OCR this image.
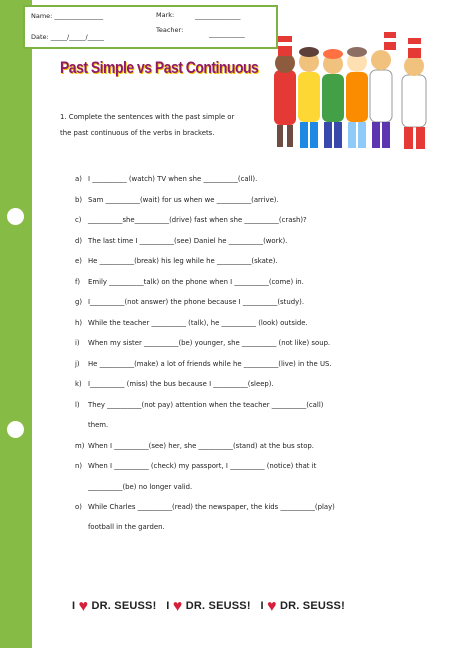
Name: _______________	Mark:	______________
Teacher:	___________
Date: _____/_____/_____
Past Simple vs Past Continuous
1. Complete the sentences with the past simple or
the past continuous of the verbs in brackets.
a) I __________ (watch) TV when she __________(call).
b) Sam __________(wait) for us when we __________(arrive).
c) __________she__________(drive) fast when she __________(crash)?
d) The last time I __________(see) Daniel he __________(work).
e) He __________(break) his leg while he __________(skate).
f) Emily __________talk) on the phone when I __________(come) in.
g) I__________(not answer) the phone because I __________(study).
h) While the teacher __________ (talk), he __________ (look) outside.
i) When my sister __________(be) younger, she __________ (not like) soup.
j) He __________(make) a lot of friends while he __________(live) in the US.
k) I__________ (miss) the bus because I __________(sleep).
l) They __________(not pay) attention when the teacher __________(call)
them.
m) When I __________(see) her, she __________(stand) at the bus stop.
n) When I __________ (check) my passport, I __________ (notice) that it
__________(be) no longer valid.
o) While Charles __________(read) the newspaper, the kids __________(play)
football in the garden.
I ♥ DR. SEUSS! I ♥ DR. SEUSS! I ♥ DR. SEUSS!
